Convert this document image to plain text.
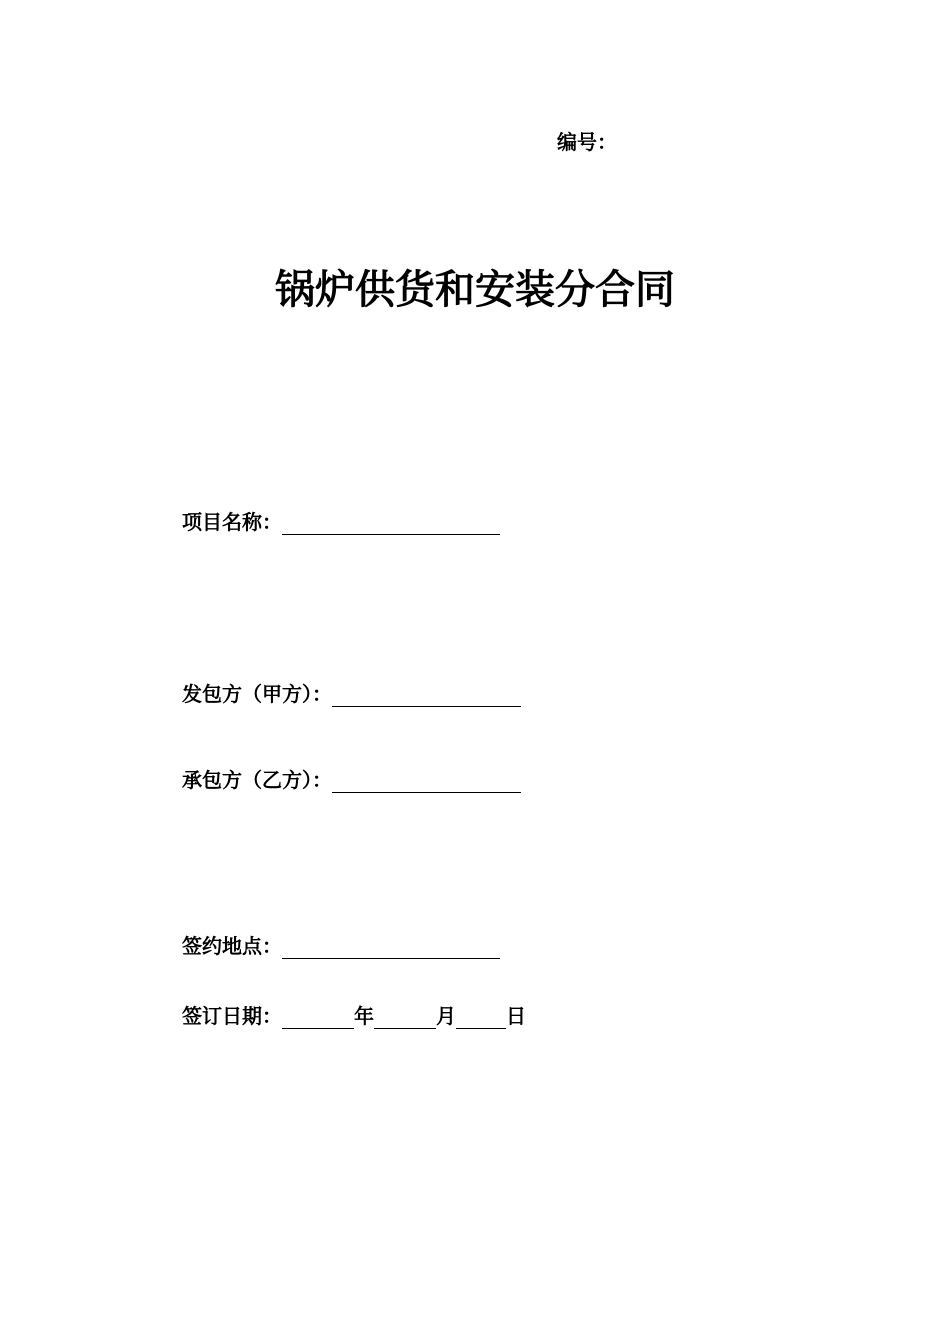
编号：
锅炉供货和安装分合同
项目名称：
发包方（甲方）：
承包方（乙方）：
签约地点：
签订日期：	年	月	日
